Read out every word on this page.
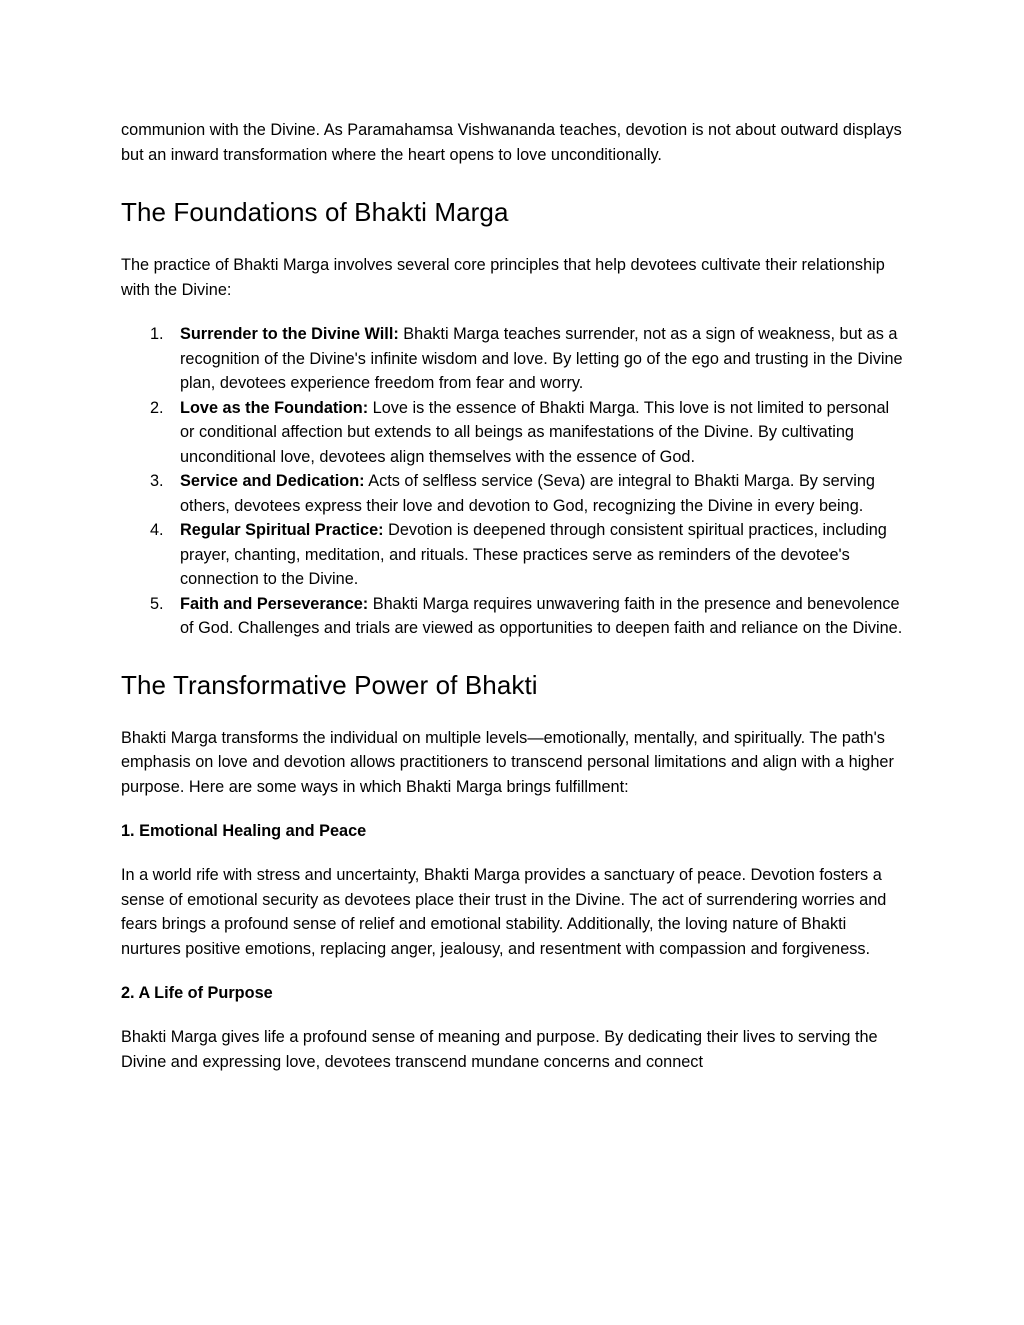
communion with the Divine. As Paramahamsa Vishwananda teaches, devotion is not about outward displays but an inward transformation where the heart opens to love unconditionally.

The Foundations of Bhakti Marga

The practice of Bhakti Marga involves several core principles that help devotees cultivate their relationship with the Divine:

1. Surrender to the Divine Will: Bhakti Marga teaches surrender, not as a sign of weakness, but as a recognition of the Divine's infinite wisdom and love. By letting go of the ego and trusting in the Divine plan, devotees experience freedom from fear and worry.
2. Love as the Foundation: Love is the essence of Bhakti Marga. This love is not limited to personal or conditional affection but extends to all beings as manifestations of the Divine. By cultivating unconditional love, devotees align themselves with the essence of God.
3. Service and Dedication: Acts of selfless service (Seva) are integral to Bhakti Marga. By serving others, devotees express their love and devotion to God, recognizing the Divine in every being.
4. Regular Spiritual Practice: Devotion is deepened through consistent spiritual practices, including prayer, chanting, meditation, and rituals. These practices serve as reminders of the devotee's connection to the Divine.
5. Faith and Perseverance: Bhakti Marga requires unwavering faith in the presence and benevolence of God. Challenges and trials are viewed as opportunities to deepen faith and reliance on the Divine.
The Transformative Power of Bhakti

Bhakti Marga transforms the individual on multiple levels—emotionally, mentally, and spiritually. The path's emphasis on love and devotion allows practitioners to transcend personal limitations and align with a higher purpose. Here are some ways in which Bhakti Marga brings fulfillment:

1. Emotional Healing and Peace

In a world rife with stress and uncertainty, Bhakti Marga provides a sanctuary of peace. Devotion fosters a sense of emotional security as devotees place their trust in the Divine. The act of surrendering worries and fears brings a profound sense of relief and emotional stability. Additionally, the loving nature of Bhakti nurtures positive emotions, replacing anger, jealousy, and resentment with compassion and forgiveness.

2. A Life of Purpose

Bhakti Marga gives life a profound sense of meaning and purpose. By dedicating their lives to serving the Divine and expressing love, devotees transcend mundane concerns and connect
